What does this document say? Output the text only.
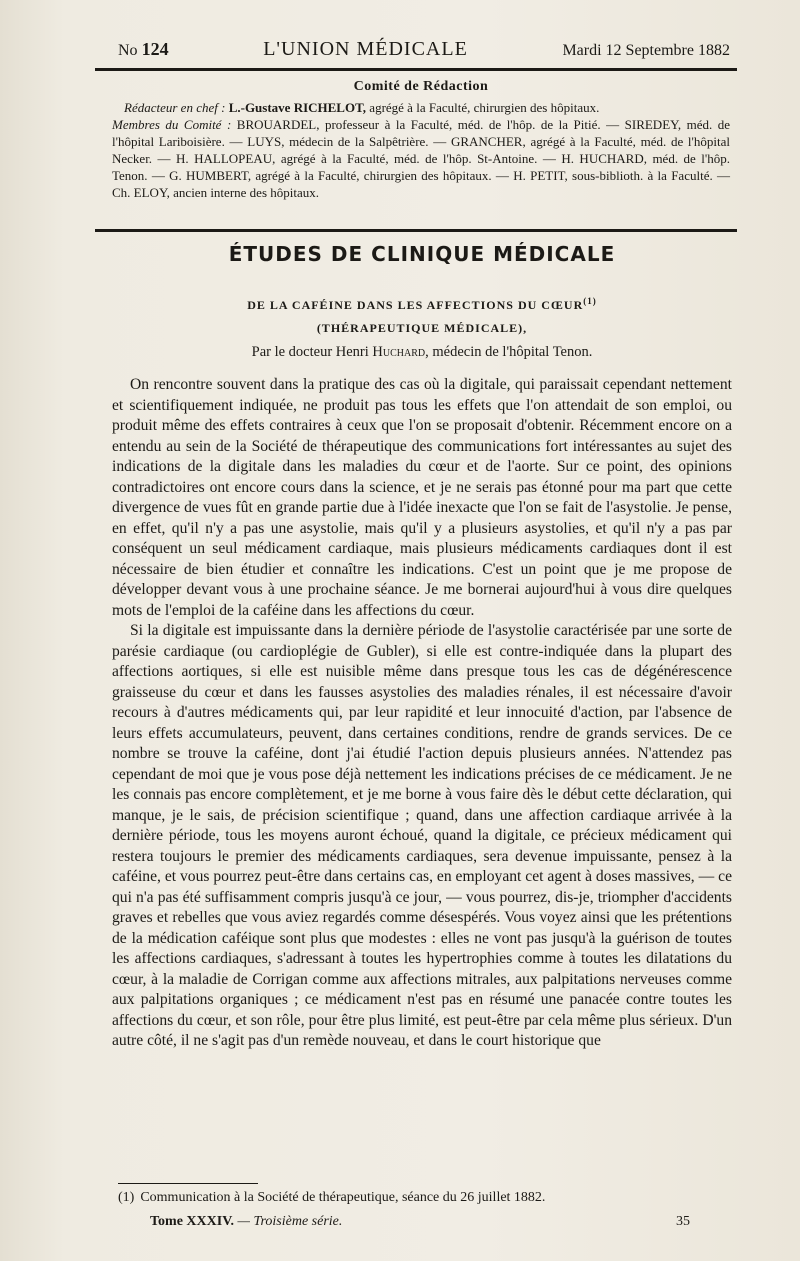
No 124	L'UNION MÉDICALE	Mardi 12 Septembre 1882
Comité de Rédaction

Rédacteur en chef : L.-Gustave RICHELOT, agrégé à la Faculté, chirurgien des hôpitaux.

Membres du Comité : BROUARDEL, professeur à la Faculté, méd. de l'hôp. de la Pitié. — SIREDEY, méd. de l'hôpital Lariboisière. — LUYS, médecin de la Salpêtrière. — GRANCHER, agrégé à la Faculté, méd. de l'hôpital Necker. — H. HALLOPEAU, agrégé à la Faculté, méd. de l'hôp. St-Antoine. — H. HUCHARD, méd. de l'hôp. Tenon. — G. HUMBERT, agrégé à la Faculté, chirurgien des hôpitaux. — H. PETIT, sous-biblioth. à la Faculté. — Ch. ELOY, ancien interne des hôpitaux.

ÉTUDES DE CLINIQUE MÉDICALE

DE LA CAFÉINE DANS LES AFFECTIONS DU CŒUR$^{(1)}$

(THÉRAPEUTIQUE MÉDICALE),

Par le docteur Henri Huchard, médecin de l'hôpital Tenon.

On rencontre souvent dans la pratique des cas où la digitale, qui paraissait cependant nettement et scientifiquement indiquée, ne produit pas tous les effets que l'on attendait de son emploi, ou produit même des effets contraires à ceux que l'on se proposait d'obtenir. Récemment encore on a entendu au sein de la Société de thérapeutique des communications fort intéressantes au sujet des indications de la digitale dans les maladies du cœur et de l'aorte. Sur ce point, des opinions contradictoires ont encore cours dans la science, et je ne serais pas étonné pour ma part que cette divergence de vues fût en grande partie due à l'idée inexacte que l'on se fait de l'asystolie. Je pense, en effet, qu'il n'y a pas une asystolie, mais qu'il y a plusieurs asystolies, et qu'il n'y a pas par conséquent un seul médicament cardiaque, mais plusieurs médicaments cardiaques dont il est nécessaire de bien étudier et connaître les indications. C'est un point que je me propose de développer devant vous à une prochaine séance. Je me bornerai aujourd'hui à vous dire quelques mots de l'emploi de la caféine dans les affections du cœur.

Si la digitale est impuissante dans la dernière période de l'asystolie caractérisée par une sorte de parésie cardiaque (ou cardioplégie de Gubler), si elle est contre-indiquée dans la plupart des affections aortiques, si elle est nuisible même dans presque tous les cas de dégénérescence graisseuse du cœur et dans les fausses asystolies des maladies rénales, il est nécessaire d'avoir recours à d'autres médicaments qui, par leur rapidité et leur innocuité d'action, par l'absence de leurs effets accumulateurs, peuvent, dans certaines conditions, rendre de grands services. De ce nombre se trouve la caféine, dont j'ai étudié l'action depuis plusieurs années. N'attendez pas cependant de moi que je vous pose déjà nettement les indications précises de ce médicament. Je ne les connais pas encore complètement, et je me borne à vous faire dès le début cette déclaration, qui manque, je le sais, de précision scientifique ; quand, dans une affection cardiaque arrivée à la dernière période, tous les moyens auront échoué, quand la digitale, ce précieux médicament qui restera toujours le premier des médicaments cardiaques, sera devenue impuissante, pensez à la caféine, et vous pourrez peut-être dans certains cas, en employant cet agent à doses massives, — ce qui n'a pas été suffisamment compris jusqu'à ce jour, — vous pourrez, dis-je, triompher d'accidents graves et rebelles que vous aviez regardés comme désespérés. Vous voyez ainsi que les prétentions de la médication caféique sont plus que modestes : elles ne vont pas jusqu'à la guérison de toutes les affections cardiaques, s'adressant à toutes les hypertrophies comme à toutes les dilatations du cœur, à la maladie de Corrigan comme aux affections mitrales, aux palpitations nerveuses comme aux palpitations organiques ; ce médicament n'est pas en résumé une panacée contre toutes les affections du cœur, et son rôle, pour être plus limité, est peut-être par cela même plus sérieux. D'un autre côté, il ne s'agit pas d'un remède nouveau, et dans le court historique que

(1) Communication à la Société de thérapeutique, séance du 26 juillet 1882.
Tome XXXIV. — Troisième série.	35
